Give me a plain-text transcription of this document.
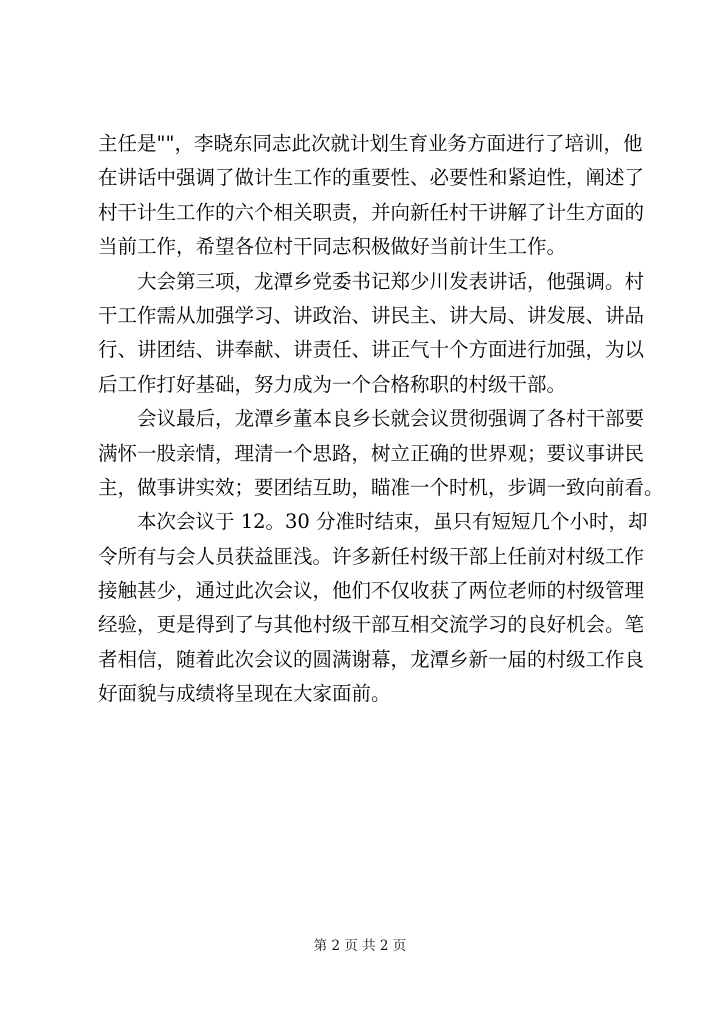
主任是""，李晓东同志此次就计划生育业务方面进行了培训，他
在讲话中强调了做计生工作的重要性、必要性和紧迫性，阐述了
村干计生工作的六个相关职责，并向新任村干讲解了计生方面的
当前工作，希望各位村干同志积极做好当前计生工作。
　　大会第三项，龙潭乡党委书记郑少川发表讲话，他强调。村
干工作需从加强学习、讲政治、讲民主、讲大局、讲发展、讲品
行、讲团结、讲奉献、讲责任、讲正气十个方面进行加强，为以
后工作打好基础，努力成为一个合格称职的村级干部。
　　会议最后，龙潭乡董本良乡长就会议贯彻强调了各村干部要
满怀一股亲情，理清一个思路，树立正确的世界观；要议事讲民
主，做事讲实效；要团结互助，瞄准一个时机，步调一致向前看。
　　本次会议于 12。30 分准时结束，虽只有短短几个小时，却
令所有与会人员获益匪浅。许多新任村级干部上任前对村级工作
接触甚少，通过此次会议，他们不仅收获了两位老师的村级管理
经验，更是得到了与其他村级干部互相交流学习的良好机会。笔
者相信，随着此次会议的圆满谢幕，龙潭乡新一届的村级工作良
好面貌与成绩将呈现在大家面前。
第 2 页 共 2 页
